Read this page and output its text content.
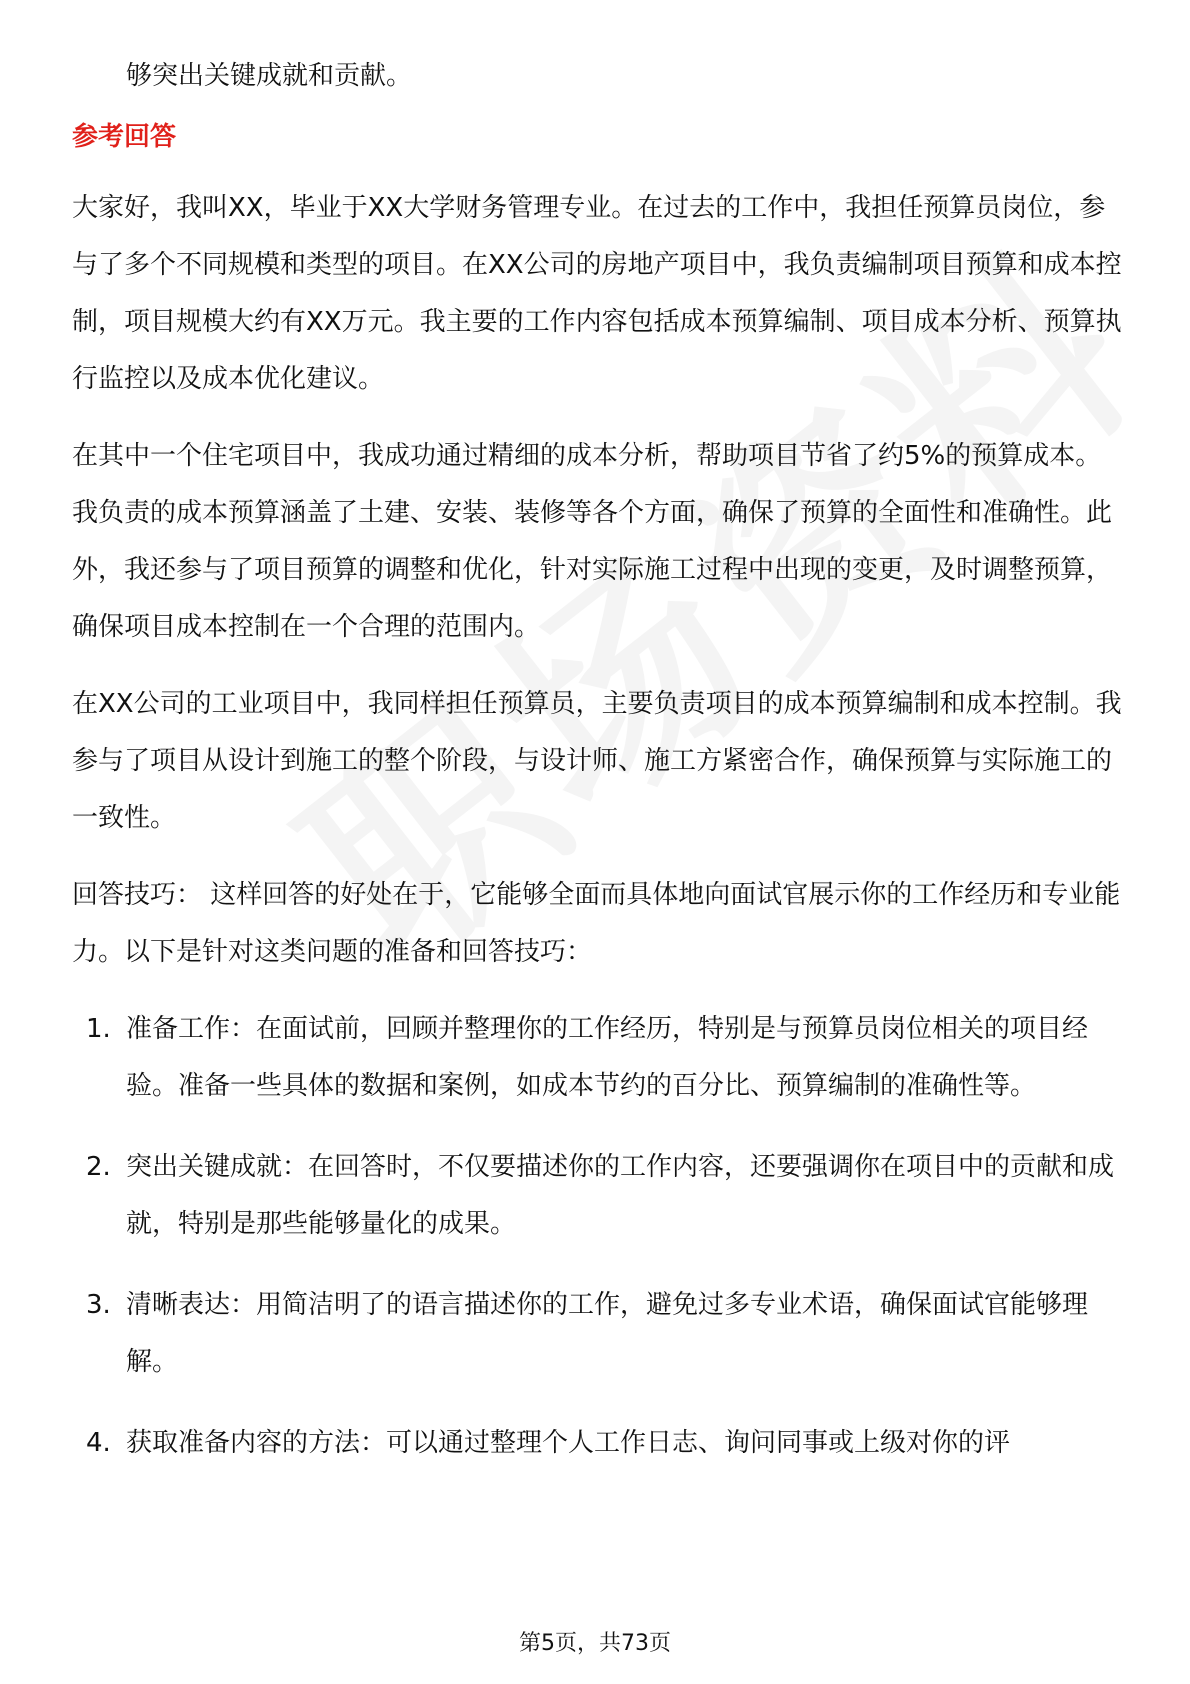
够突出关键成就和贡献。
参考回答
大家好，我叫XX，毕业于XX大学财务管理专业。在过去的工作中，我担任预算员岗位，参与了多个不同规模和类型的项目。在XX公司的房地产项目中，我负责编制项目预算和成本控制，项目规模大约有XX万元。我主要的工作内容包括成本预算编制、项目成本分析、预算执行监控以及成本优化建议。
在其中一个住宅项目中，我成功通过精细的成本分析，帮助项目节省了约5%的预算成本。我负责的成本预算涵盖了土建、安装、装修等各个方面，确保了预算的全面性和准确性。此外，我还参与了项目预算的调整和优化，针对实际施工过程中出现的变更，及时调整预算，确保项目成本控制在一个合理的范围内。
在XX公司的工业项目中，我同样担任预算员，主要负责项目的成本预算编制和成本控制。我参与了项目从设计到施工的整个阶段，与设计师、施工方紧密合作，确保预算与实际施工的一致性。
回答技巧： 这样回答的好处在于，它能够全面而具体地向面试官展示你的工作经历和专业能力。以下是针对这类问题的准备和回答技巧：
1. 准备工作：在面试前，回顾并整理你的工作经历，特别是与预算员岗位相关的项目经验。准备一些具体的数据和案例，如成本节约的百分比、预算编制的准确性等。
2. 突出关键成就：在回答时，不仅要描述你的工作内容，还要强调你在项目中的贡献和成就，特别是那些能够量化的成果。
3. 清晰表达：用简洁明了的语言描述你的工作，避免过多专业术语，确保面试官能够理解。
4. 获取准备内容的方法：可以通过整理个人工作日志、询问同事或上级对你的评
第5页，共73页
